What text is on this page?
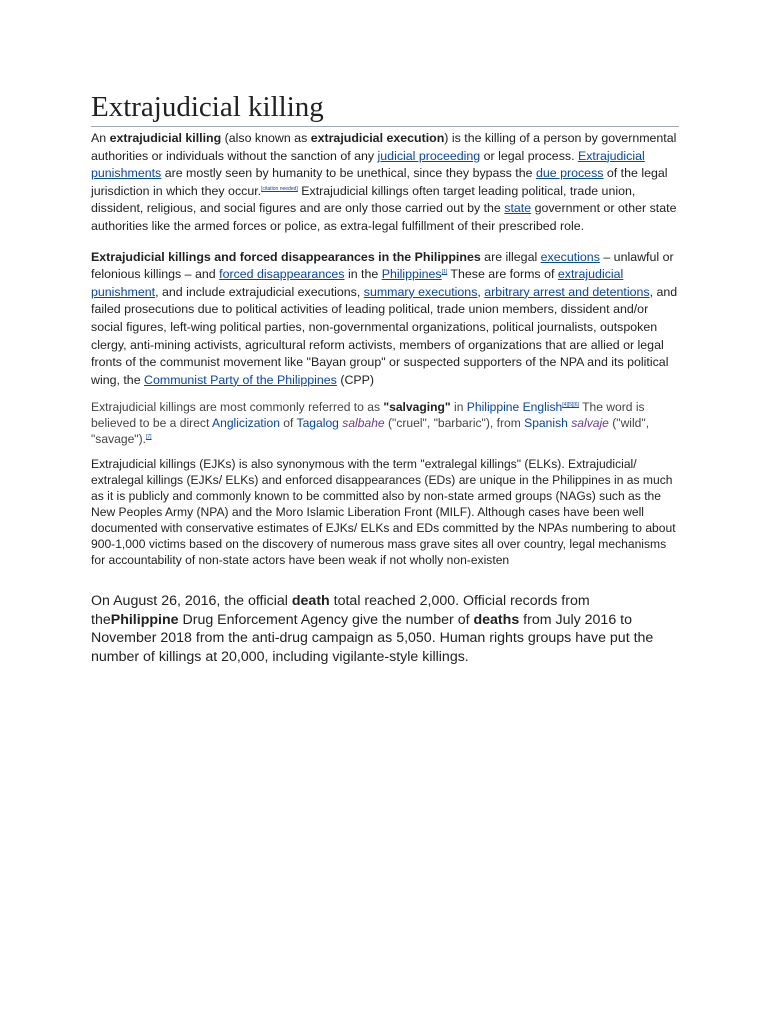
Extrajudicial killing

An extrajudicial killing (also known as extrajudicial execution) is the killing of a person by governmental authorities or individuals without the sanction of any judicial proceeding or legal process. Extrajudicial punishments are mostly seen by humanity to be unethical, since they bypass the due process of the legal jurisdiction in which they occur.[citation needed] Extrajudicial killings often target leading political, trade union, dissident, religious, and social figures and are only those carried out by the state government or other state authorities like the armed forces or police, as extra-legal fulfillment of their prescribed role.

Extrajudicial killings and forced disappearances in the Philippines are illegal executions – unlawful or felonious killings – and forced disappearances in the Philippines[1] These are forms of extrajudicial punishment, and include extrajudicial executions, summary executions, arbitrary arrest and detentions, and failed prosecutions due to political activities of leading political, trade union members, dissident and/or social figures, left-wing political parties, non-governmental organizations, political journalists, outspoken clergy, anti-mining activists, agricultural reform activists, members of organizations that are allied or legal fronts of the communist movement like "Bayan group" or suspected supporters of the NPA and its political wing, the Communist Party of the Philippines (CPP)

Extrajudicial killings are most commonly referred to as "salvaging" in Philippine English[4][5][6] The word is believed to be a direct Anglicization of Tagalog salbahe ("cruel", "barbaric"), from Spanish salvaje ("wild", "savage").[7]

Extrajudicial killings (EJKs) is also synonymous with the term "extralegal killings" (ELKs). Extrajudicial/ extralegal killings (EJKs/ ELKs) and enforced disappearances (EDs) are unique in the Philippines in as much as it is publicly and commonly known to be committed also by non-state armed groups (NAGs) such as the New Peoples Army (NPA) and the Moro Islamic Liberation Front (MILF). Although cases have been well documented with conservative estimates of EJKs/ ELKs and EDs committed by the NPAs numbering to about 900-1,000 victims based on the discovery of numerous mass grave sites all over country, legal mechanisms for accountability of non-state actors have been weak if not wholly non-existen

On August 26, 2016, the official death total reached 2,000. Official records from thePhilippine Drug Enforcement Agency give the number of deaths from July 2016 to November 2018 from the anti-drug campaign as 5,050. Human rights groups have put the number of killings at 20,000, including vigilante-style killings.
